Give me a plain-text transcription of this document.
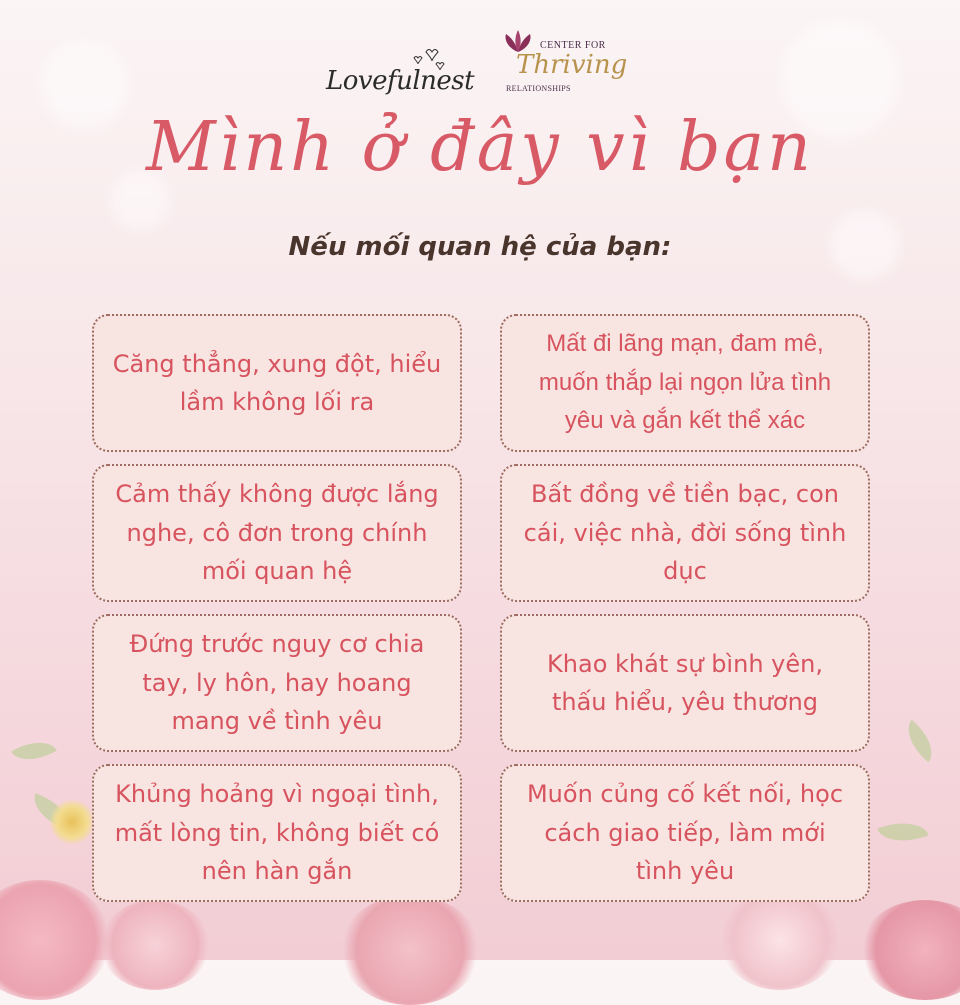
Lovefulnest
CENTER FOR
Thriving
RELATIONSHIPS
Mình ở đây vì bạn
Nếu mối quan hệ của bạn:
Căng thẳng, xung đột, hiểu lầm không lối ra
Mất đi lãng mạn, đam mê, muốn thắp lại ngọn lửa tình yêu và gắn kết thể xác
Cảm thấy không được lắng nghe, cô đơn trong chính mối quan hệ
Bất đồng về tiền bạc, con cái, việc nhà, đời sống tình dục
Đứng trước nguy cơ chia tay, ly hôn, hay hoang mang về tình yêu
Khao khát sự bình yên, thấu hiểu, yêu thương
Khủng hoảng vì ngoại tình, mất lòng tin, không biết có nên hàn gắn
Muốn củng cố kết nối, học cách giao tiếp, làm mới tình yêu
